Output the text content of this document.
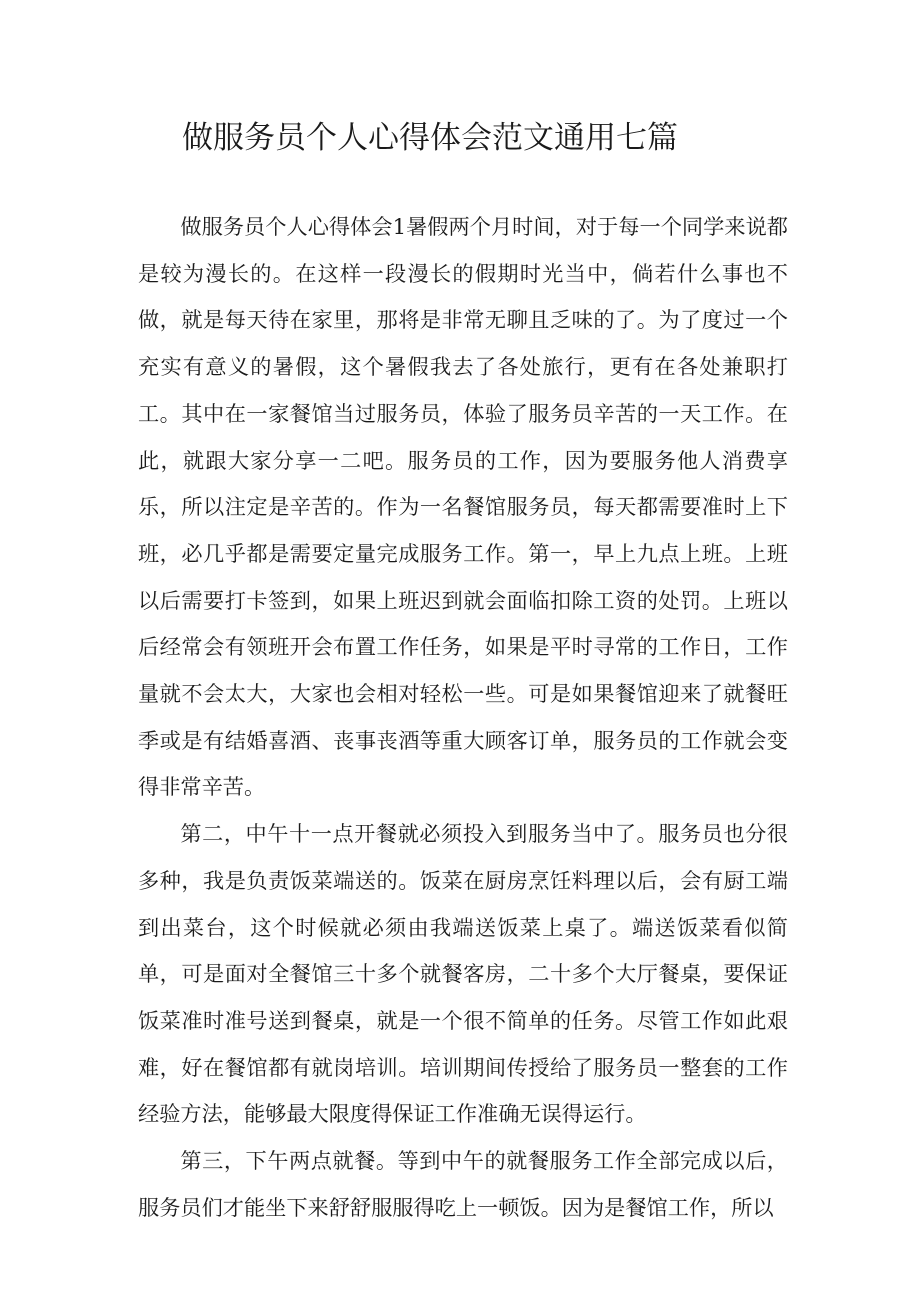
做服务员个人心得体会范文通用七篇

做服务员个人心得体会1暑假两个月时间，对于每一个同学来说都是较为漫长的。在这样一段漫长的假期时光当中，倘若什么事也不做，就是每天待在家里，那将是非常无聊且乏味的了。为了度过一个充实有意义的暑假，这个暑假我去了各处旅行，更有在各处兼职打工。其中在一家餐馆当过服务员，体验了服务员辛苦的一天工作。在此，就跟大家分享一二吧。服务员的工作，因为要服务他人消费享乐，所以注定是辛苦的。作为一名餐馆服务员，每天都需要准时上下班，必几乎都是需要定量完成服务工作。第一，早上九点上班。上班以后需要打卡签到，如果上班迟到就会面临扣除工资的处罚。上班以后经常会有领班开会布置工作任务，如果是平时寻常的工作日，工作量就不会太大，大家也会相对轻松一些。可是如果餐馆迎来了就餐旺季或是有结婚喜酒、丧事丧酒等重大顾客订单，服务员的工作就会变得非常辛苦。

第二，中午十一点开餐就必须投入到服务当中了。服务员也分很多种，我是负责饭菜端送的。饭菜在厨房烹饪料理以后，会有厨工端到出菜台，这个时候就必须由我端送饭菜上桌了。端送饭菜看似简单，可是面对全餐馆三十多个就餐客房，二十多个大厅餐桌，要保证饭菜准时准号送到餐桌，就是一个很不简单的任务。尽管工作如此艰难，好在餐馆都有就岗培训。培训期间传授给了服务员一整套的工作经验方法，能够最大限度得保证工作准确无误得运行。

第三，下午两点就餐。等到中午的就餐服务工作全部完成以后，服务员们才能坐下来舒舒服服得吃上一顿饭。因为是餐馆工作，所以
